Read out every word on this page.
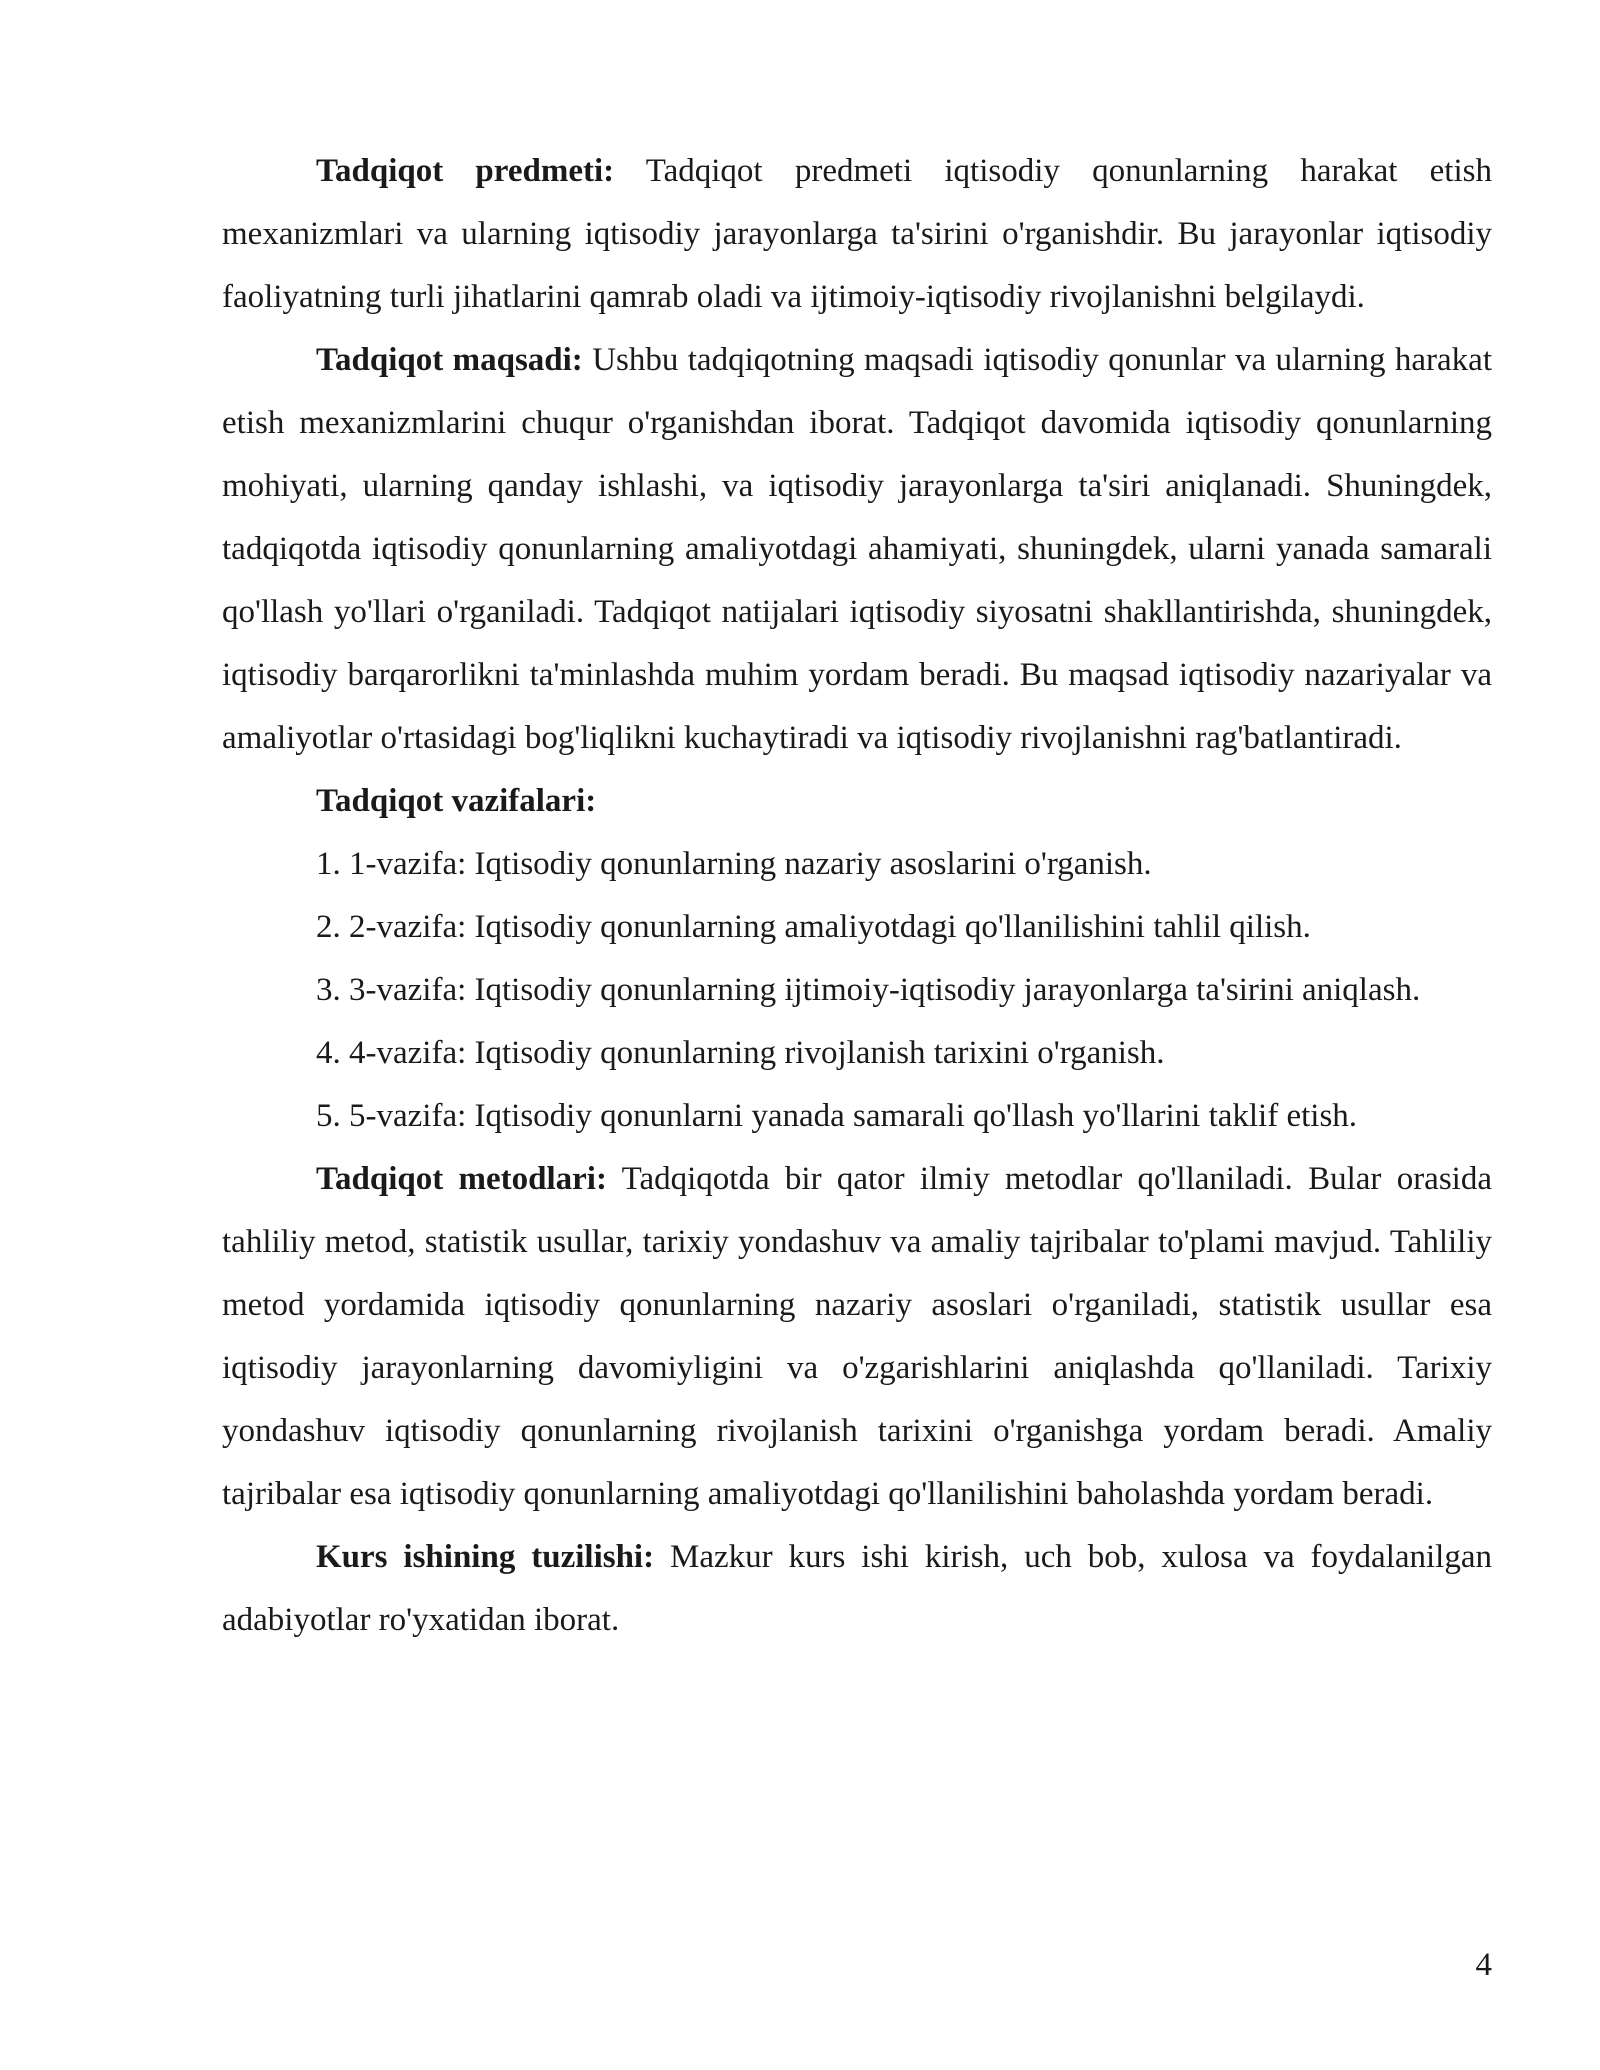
Tadqiqot predmeti: Tadqiqot predmeti iqtisodiy qonunlarning harakat etish mexanizmlari va ularning iqtisodiy jarayonlarga ta'sirini o'rganishdir. Bu jarayonlar iqtisodiy faoliyatning turli jihatlarini qamrab oladi va ijtimoiy-iqtisodiy rivojlanishni belgilaydi.

Tadqiqot maqsadi: Ushbu tadqiqotning maqsadi iqtisodiy qonunlar va ularning harakat etish mexanizmlarini chuqur o'rganishdan iborat. Tadqiqot davomida iqtisodiy qonunlarning mohiyati, ularning qanday ishlashi, va iqtisodiy jarayonlarga ta'siri aniqlanadi. Shuningdek, tadqiqotda iqtisodiy qonunlarning amaliyotdagi ahamiyati, shuningdek, ularni yanada samarali qo'llash yo'llari o'rganiladi. Tadqiqot natijalari iqtisodiy siyosatni shakllantirishda, shuningdek, iqtisodiy barqarorlikni ta'minlashda muhim yordam beradi. Bu maqsad iqtisodiy nazariyalar va amaliyotlar o'rtasidagi bog'liqlikni kuchaytiradi va iqtisodiy rivojlanishni rag'batlantiradi.

Tadqiqot vazifalari:

1. 1-vazifa: Iqtisodiy qonunlarning nazariy asoslarini o'rganish.

2. 2-vazifa: Iqtisodiy qonunlarning amaliyotdagi qo'llanilishini tahlil qilish.

3. 3-vazifa: Iqtisodiy qonunlarning ijtimoiy-iqtisodiy jarayonlarga ta'sirini aniqlash.

4. 4-vazifa: Iqtisodiy qonunlarning rivojlanish tarixini o'rganish.

5. 5-vazifa: Iqtisodiy qonunlarni yanada samarali qo'llash yo'llarini taklif etish.

Tadqiqot metodlari: Tadqiqotda bir qator ilmiy metodlar qo'llaniladi. Bular orasida tahliliy metod, statistik usullar, tarixiy yondashuv va amaliy tajribalar to'plami mavjud. Tahliliy metod yordamida iqtisodiy qonunlarning nazariy asoslari o'rganiladi, statistik usullar esa iqtisodiy jarayonlarning davomiyligini va o'zgarishlarini aniqlashda qo'llaniladi. Tarixiy yondashuv iqtisodiy qonunlarning rivojlanish tarixini o'rganishga yordam beradi. Amaliy tajribalar esa iqtisodiy qonunlarning amaliyotdagi qo'llanilishini baholashda yordam beradi.

Kurs ishining tuzilishi: Mazkur kurs ishi kirish, uch bob, xulosa va foydalanilgan adabiyotlar ro'yxatidan iborat.

4
